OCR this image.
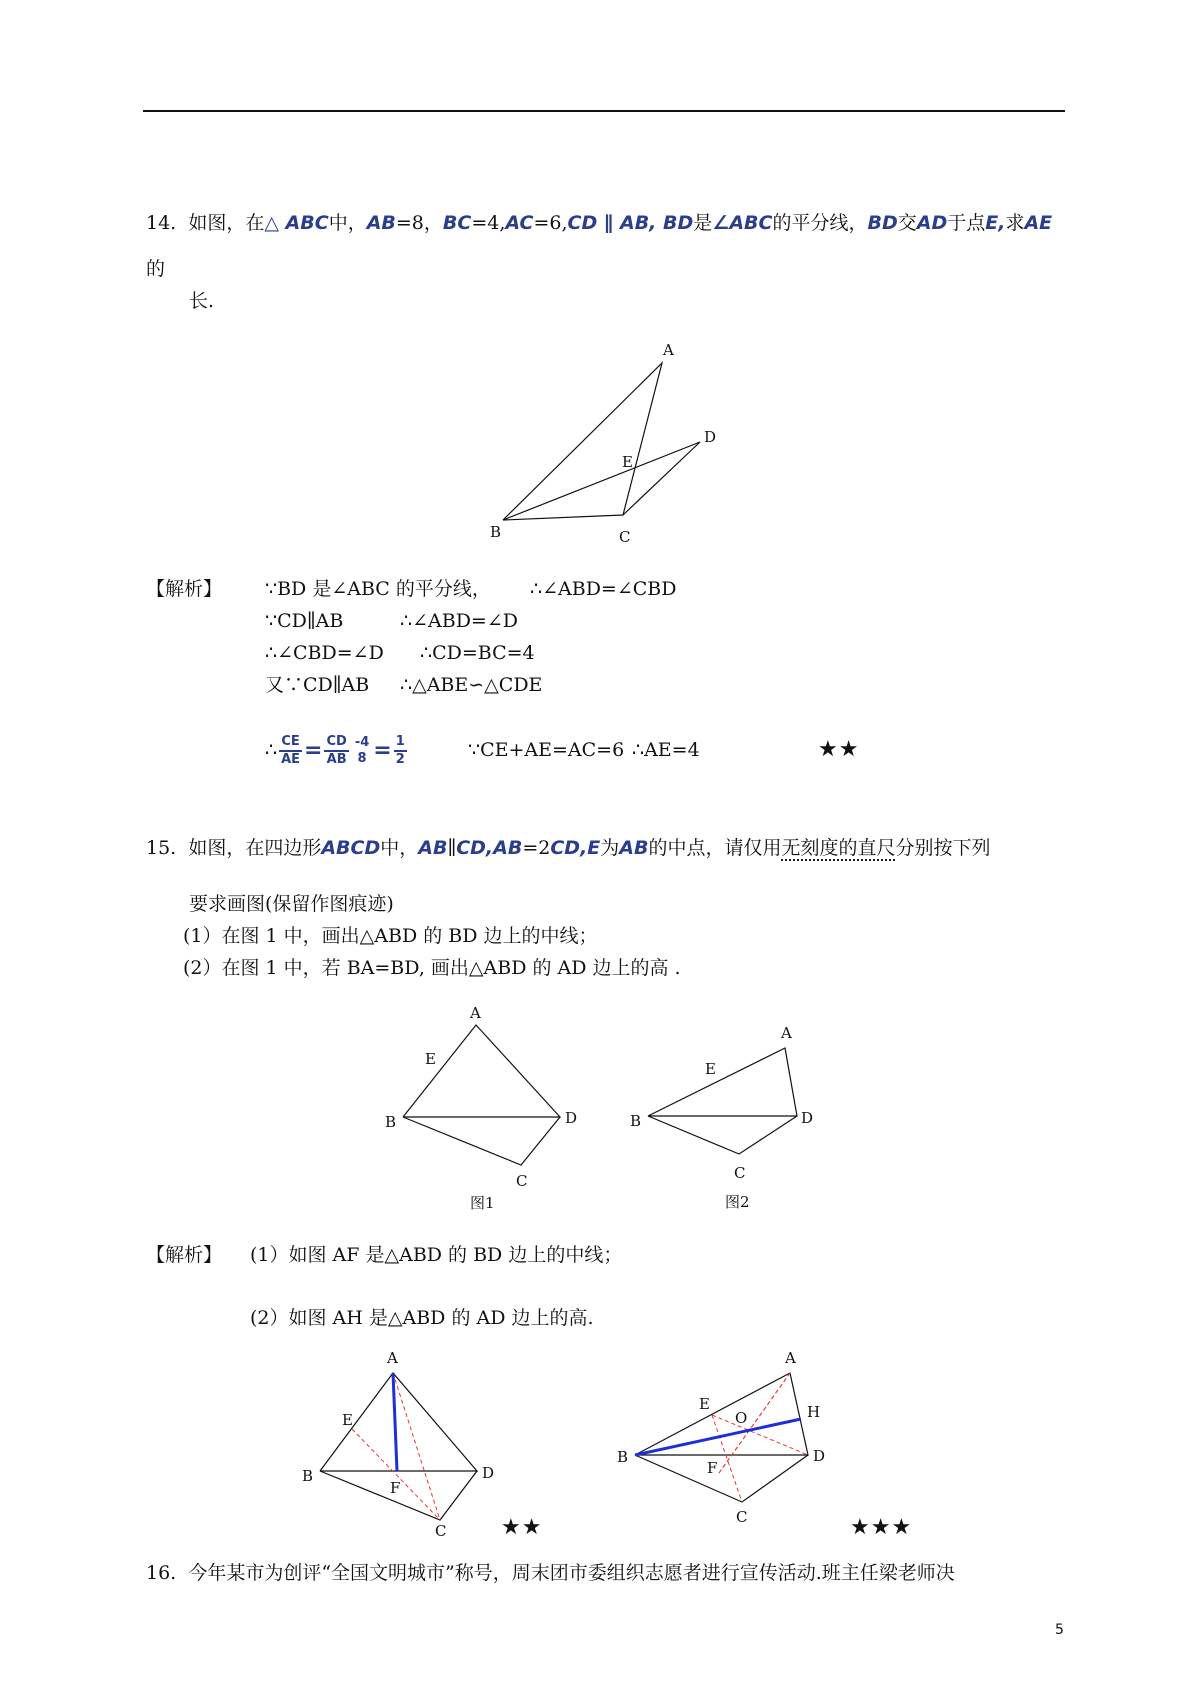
14. 如图，在△ ABC中，AB=8，BC=4,AC=6,CD ∥ AB, BD是∠ABC的平分线，BD交AD于点E,求AE
的
长.
A
D
E
B	C
【解析】 ∵BD 是∠ABC 的平分线， ∴∠ABD=∠CBD
∵CD∥AB	∴∠ABD=∠D
∴∠CBD=∠D ∴CD=BC=4
又∵CD∥AB ∴△ABE∽△CDE
∴ $\frac{CE}{AE} = \frac{CD}{AB} -4$
$8 = \frac{1}{2}$	∵CE+AE=AC=6 ∴AE=4	★★
15. 如图，在四边形ABCD中，AB∥CD,AB=2CD,E为AB的中点，请仅用无刻度的直尺分别按下列
要求画图(保留作图痕迹)
(1）在图 1 中，画出△ABD 的 BD 边上的中线；
(2）在图 1 中，若 BA=BD, 画出△ABD 的 AD 边上的高 .
A
E
B	D
C
图1
A
E
B	D
C
图2
【解析】 (1）如图 AF 是△ABD 的 BD 边上的中线；
(2）如图 AH 是△ABD 的 AD 边上的高.
A
E
B	D
F
C ★★
A
E
O	H
B	D
F
C	★★★
16. 今年某市为创评“全国文明城市”称号，周末团市委组织志愿者进行宣传活动.班主任梁老师决
5
